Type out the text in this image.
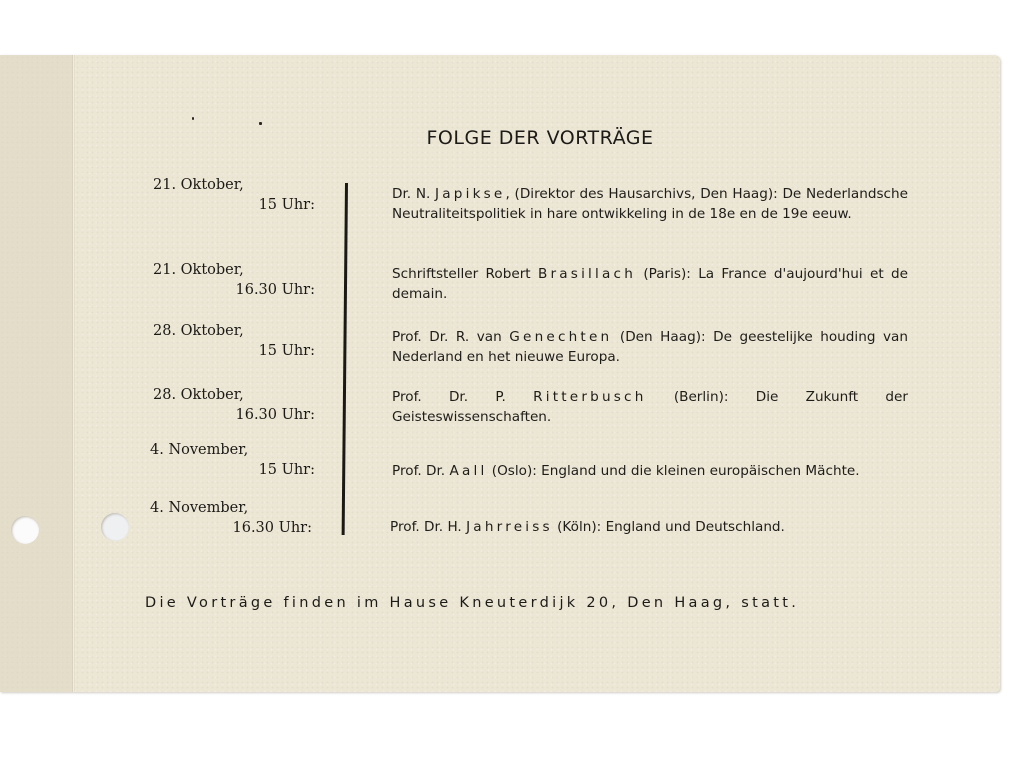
FOLGE DER VORTRÄGE
21. Oktober,
15 Uhr:
Dr. N. Japikse, (Direktor des Hausarchivs, Den Haag): De Nederlandsche Neutraliteitspolitiek in hare ontwikkeling in de 18e en de 19e eeuw.
21. Oktober,
16.30 Uhr:
Schriftsteller Robert Brasillach (Paris): La France d'aujourd'hui et de demain.
28. Oktober,
15 Uhr:
Prof. Dr. R. van Genechten (Den Haag): De geestelijke houding van Nederland en het nieuwe Europa.
28. Oktober,
16.30 Uhr:
Prof. Dr. P. Ritterbusch (Berlin): Die Zukunft der Geisteswissenschaften.
4. November,
15 Uhr:	Prof. Dr. Aall (Oslo): England und die kleinen europäischen Mächte.
4. November,
16.30 Uhr:	Prof. Dr. H. Jahrreiss (Köln): England und Deutschland.
Die Vorträge finden im Hause Kneuterdijk 20, Den Haag, statt.
